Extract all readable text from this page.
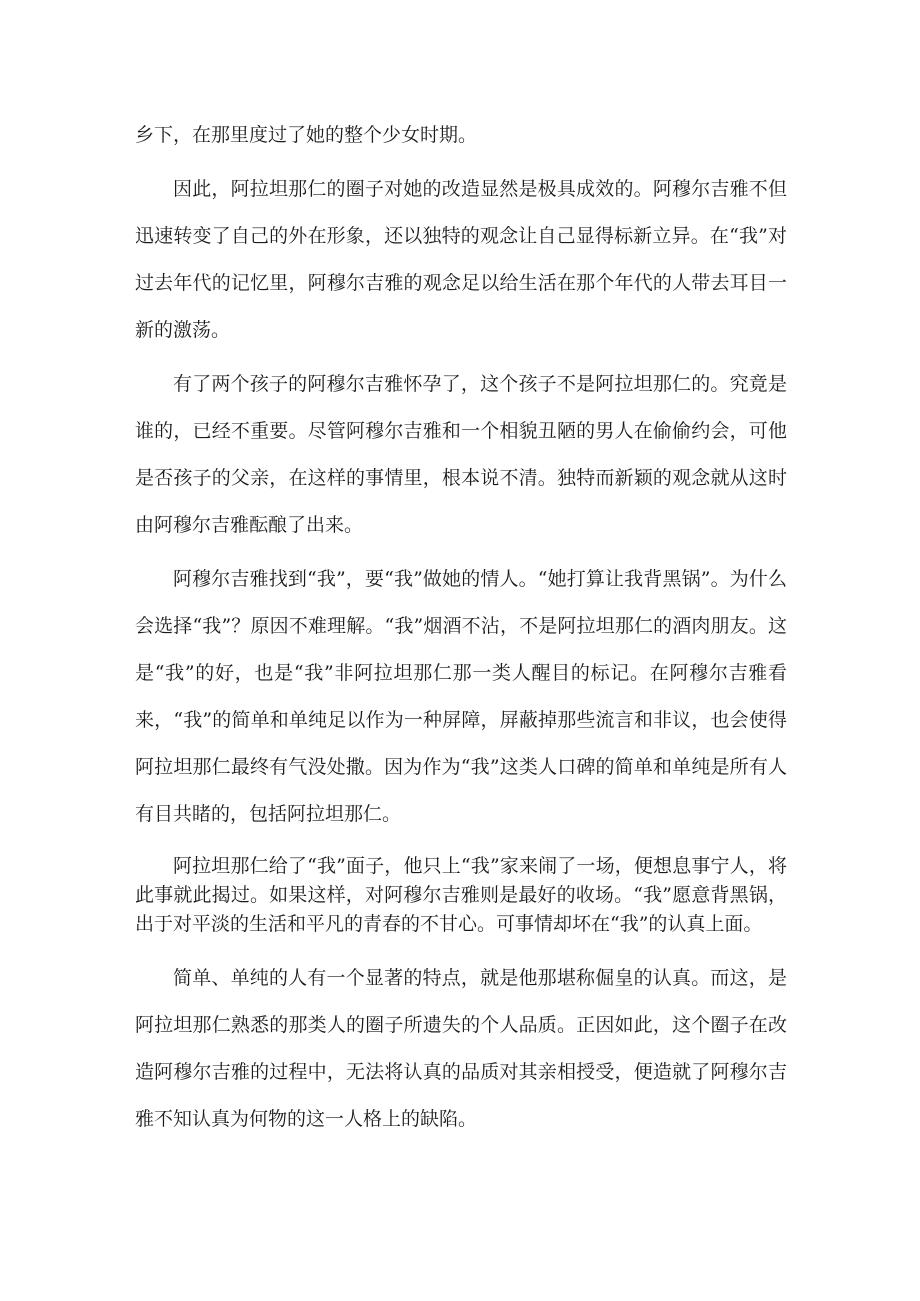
乡下，在那里度过了她的整个少女时期。

因此，阿拉坦那仁的圈子对她的改造显然是极具成效的。阿穆尔吉雅不但迅速转变了自己的外在形象，还以独特的观念让自己显得标新立异。在“我”对过去年代的记忆里，阿穆尔吉雅的观念足以给生活在那个年代的人带去耳目一新的激荡。

有了两个孩子的阿穆尔吉雅怀孕了，这个孩子不是阿拉坦那仁的。究竟是谁的，已经不重要。尽管阿穆尔吉雅和一个相貌丑陋的男人在偷偷约会，可他是否孩子的父亲，在这样的事情里，根本说不清。独特而新颖的观念就从这时由阿穆尔吉雅酝酿了出来。

阿穆尔吉雅找到“我”，要“我”做她的情人。“她打算让我背黑锅”。为什么会选择“我”？原因不难理解。“我”烟酒不沾，不是阿拉坦那仁的酒肉朋友。这是“我”的好，也是“我”非阿拉坦那仁那一类人醒目的标记。在阿穆尔吉雅看来，“我”的简单和单纯足以作为一种屏障，屏蔽掉那些流言和非议，也会使得阿拉坦那仁最终有气没处撒。因为作为“我”这类人口碑的简单和单纯是所有人有目共睹的，包括阿拉坦那仁。

阿拉坦那仁给了“我”面子，他只上“我”家来闹了一场，便想息事宁人，将此事就此揭过。如果这样，对阿穆尔吉雅则是最好的收场。“我”愿意背黑锅，出于对平淡的生活和平凡的青春的不甘心。可事情却坏在“我”的认真上面。

简单、单纯的人有一个显著的特点，就是他那堪称倔皇的认真。而这，是阿拉坦那仁熟悉的那类人的圈子所遗失的个人品质。正因如此，这个圈子在改造阿穆尔吉雅的过程中，无法将认真的品质对其亲相授受，便造就了阿穆尔吉雅不知认真为何物的这一人格上的缺陷。
